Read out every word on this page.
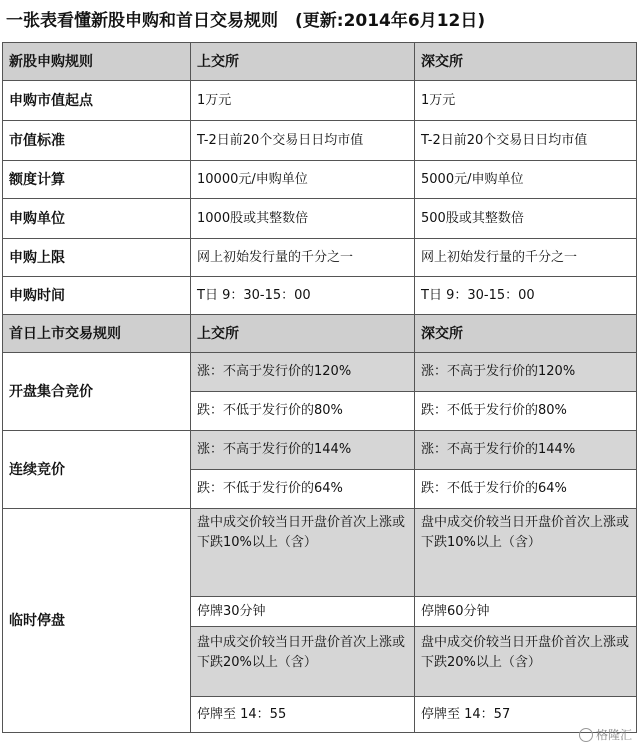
一张表看懂新股申购和首日交易规则　(更新:2014年6月12日)
新股申购规则	上交所	深交所
申购市值起点	1万元	1万元
市值标准	T-2日前20个交易日日均市值	T-2日前20个交易日日均市值
额度计算	10000元/申购单位	5000元/申购单位
申购单位	1000股或其整数倍	500股或其整数倍
申购上限	网上初始发行量的千分之一	网上初始发行量的千分之一
申购时间	T日 9：30-15：00	T日 9：30-15：00
首日上市交易规则	上交所	深交所
开盘集合竞价	涨：不高于发行价的120%	涨：不高于发行价的120%
	跌：不低于发行价的80%	跌：不低于发行价的80%
连续竞价	涨：不高于发行价的144%	涨：不高于发行价的144%
	跌：不低于发行价的64%	跌：不低于发行价的64%
临时停盘	盘中成交价较当日开盘价首次上涨或下跌10%以上（含）	盘中成交价较当日开盘价首次上涨或下跌10%以上（含）
	停牌30分钟	停牌60分钟
	盘中成交价较当日开盘价首次上涨或下跌20%以上（含）	盘中成交价较当日开盘价首次上涨或下跌20%以上（含）
	停牌至 14：55	停牌至 14：57
格隆汇
